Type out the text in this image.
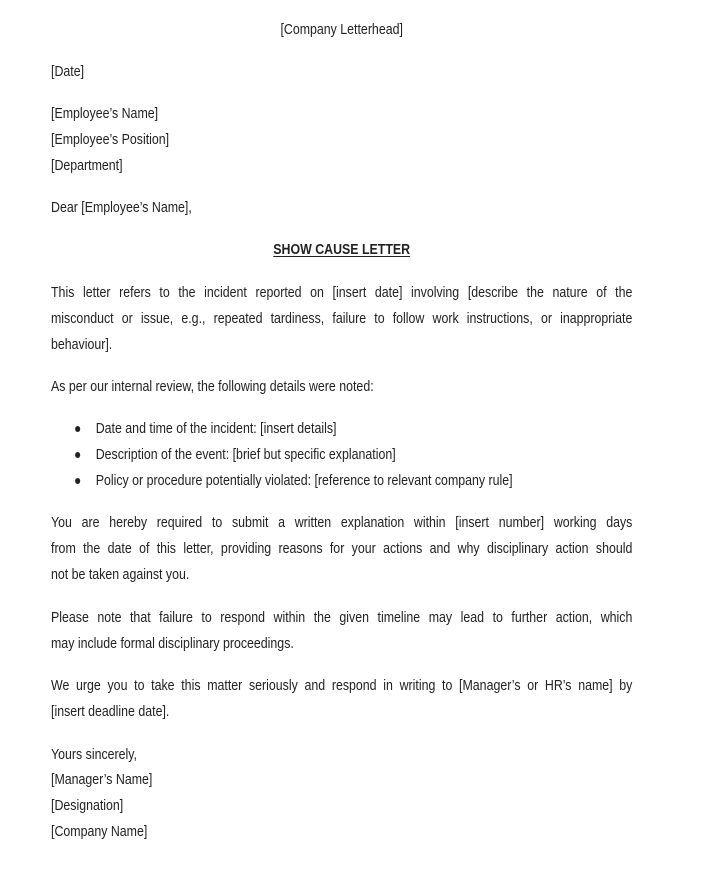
[Company Letterhead]
[Date]
[Employee’s Name]
[Employee’s Position]
[Department]
Dear [Employee’s Name],
SHOW CAUSE LETTER
This letter refers to the incident reported on [insert date] involving [describe the nature of the
misconduct or issue, e.g., repeated tardiness, failure to follow work instructions, or inappropriate
behaviour].
As per our internal review, the following details were noted:
Date and time of the incident: [insert details]
Description of the event: [brief but specific explanation]
Policy or procedure potentially violated: [reference to relevant company rule]
You are hereby required to submit a written explanation within [insert number] working days
from the date of this letter, providing reasons for your actions and why disciplinary action should
not be taken against you.
Please note that failure to respond within the given timeline may lead to further action, which
may include formal disciplinary proceedings.
We urge you to take this matter seriously and respond in writing to [Manager’s or HR’s name] by
[insert deadline date].
Yours sincerely,
[Manager’s Name]
[Designation]
[Company Name]
